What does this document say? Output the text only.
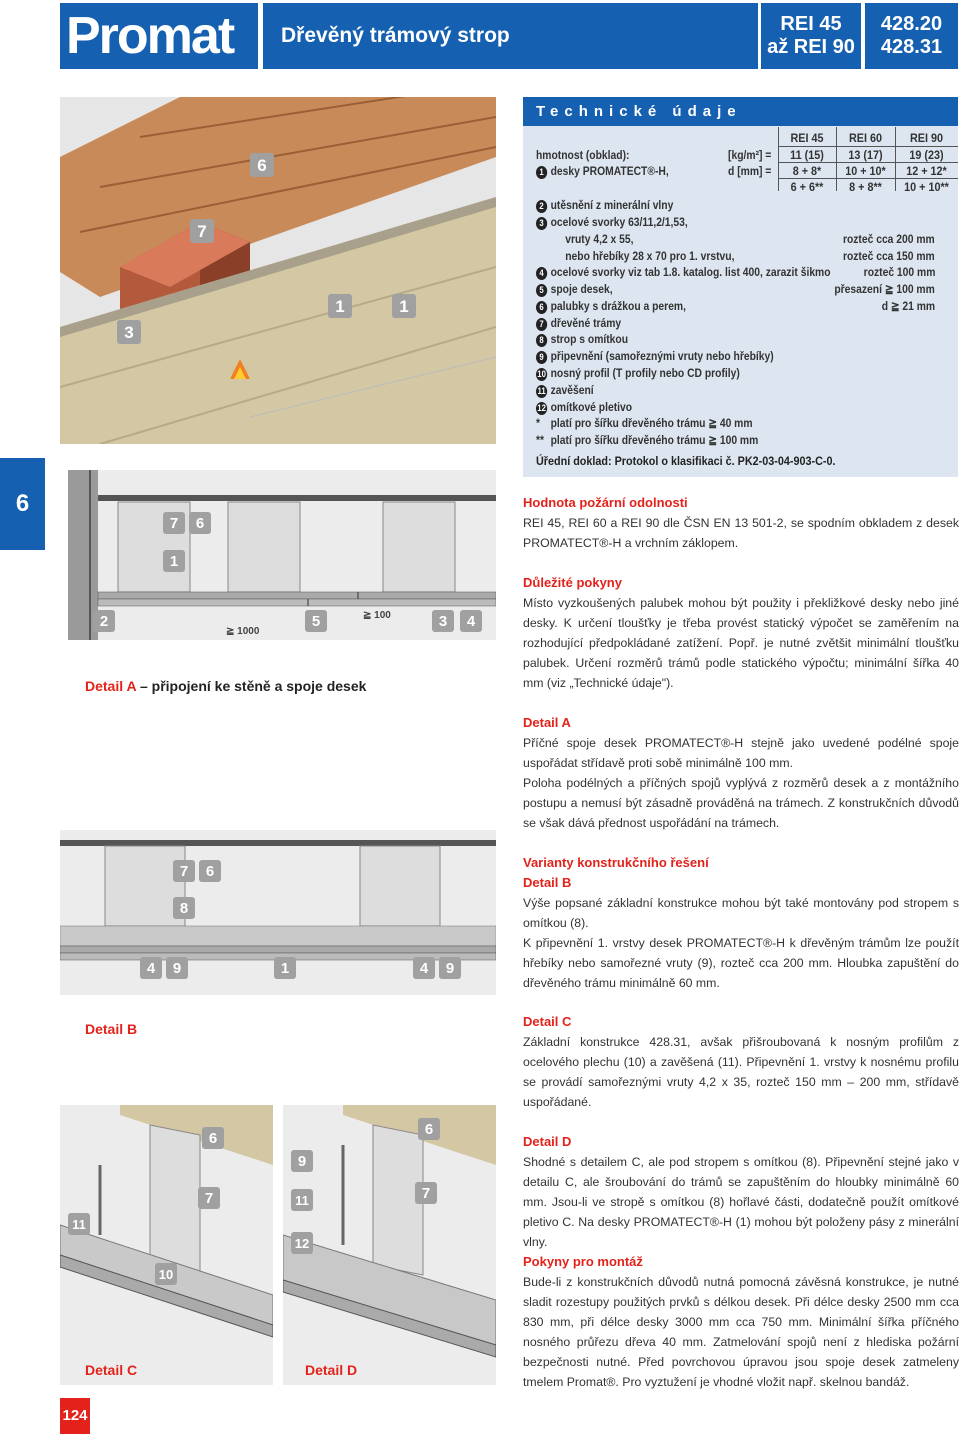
Promat	Dřevěný trámový strop	REI 45
až REI 90
428.20
428.31
6
124
6
7
3
1	1
Technické údaje
REI 45	REI 60	REI 90
hmotnost (obklad):	[kg/m²] =	11 (15)	13 (17)	19 (23)
1 desky PROMATECT®-H,	d [mm] =	8 + 8*	10 + 10*	12 + 12*
6 + 6**	8 + 8**	10 + 10**
2 utěsnění z minerální vlny
3 ocelové svorky 63/11,2/1,53,
vruty 4,2 x 55,	rozteč cca 200 mm
nebo hřebíky 28 x 70 pro 1. vrstvu,	rozteč cca 150 mm
4 ocelové svorky viz tab 1.8. katalog. list 400, zarazit šikmo	rozteč 100 mm
5 spoje desek,	přesazení ≧ 100 mm
6 palubky s drážkou a perem,	d ≧ 21 mm
7 dřevěné trámy
8 strop s omítkou
9 připevnění (samořeznými vruty nebo hřebíky)
10 nosný profil (T profily nebo CD profily)
11 zavěšení
12 omítkové pletivo
* platí pro šířku dřevěného trámu ≧ 40 mm
** platí pro šířku dřevěného trámu ≧ 100 mm
Úřední doklad: Protokol o klasifikaci č. PK2-03-04-903-C-0.
7 6
1
2	5	3 4
≧ 1000
≧ 100
Detail A – připojení ke stěně a spoje desek
7 6
8
4 9	1	4 9
Detail B
6
7
11
10
Detail C
9
6
11	7
12
Detail D
Hodnota požární odolnosti

REI 45, REI 60 a REI 90 dle ČSN EN 13 501-2, se spodním obkladem z desek PROMATECT®-H a vrchním záklopem.

Důležité pokyny

Místo vyzkoušených palubek mohou být použity i překližkové desky nebo jiné desky. K určení tloušťky je třeba provést statický výpočet se zaměřením na rozhodující předpokládané zatížení. Popř. je nutné zvětšit minimální tloušťku palubek. Určení rozměrů trámů podle statického výpočtu; minimální šířka 40 mm (viz „Technické údaje").

Detail A

Příčné spoje desek PROMATECT®-H stejně jako uvedené podélné spoje uspořádat střídavě proti sobě minimálně 100 mm.

Poloha podélných a příčných spojů vyplývá z rozměrů desek a z montážního postupu a nemusí být zásadně prováděná na trámech. Z konstrukčních důvodů se však dává přednost uspořádání na trámech.

Varianty konstrukčního řešení
Detail B

Výše popsané základní konstrukce mohou být také montovány pod stropem s omítkou (8).

K připevnění 1. vrstvy desek PROMATECT®-H k dřevěným trámům lze použít hřebíky nebo samořezné vruty (9), rozteč cca 200 mm. Hloubka zapuštění do dřevěného trámu minimálně 60 mm.

Detail C

Základní konstrukce 428.31, avšak přišroubovaná k nosným profilům z ocelového plechu (10) a zavěšená (11). Připevnění 1. vrstvy k nosnému profilu se provádí samořeznými vruty 4,2 x 35, rozteč 150 mm – 200 mm, střídavě uspořádané.

Detail D

Shodné s detailem C, ale pod stropem s omítkou (8). Připevnění stejné jako v detailu C, ale šroubování do trámů se zapuštěním do hloubky minimálně 60 mm. Jsou-li ve stropě s omítkou (8) hořlavé části, dodatečně použít omítkové pletivo C. Na desky PROMATECT®-H (1) mohou být položeny pásy z minerální vlny.

Pokyny pro montáž

Bude-li z konstrukčních důvodů nutná pomocná závěsná konstrukce, je nutné sladit rozestupy použitých prvků s délkou desek. Při délce desky 2500 mm cca 830 mm, při délce desky 3000 mm cca 750 mm. Minimální šířka příčného nosného průřezu dřeva 40 mm. Zatmelování spojů není z hlediska požární bezpečnosti nutné. Před povrchovou úpravou jsou spoje desek zatmeleny tmelem Promat®. Pro vyztužení je vhodné vložit např. skelnou bandáž.
